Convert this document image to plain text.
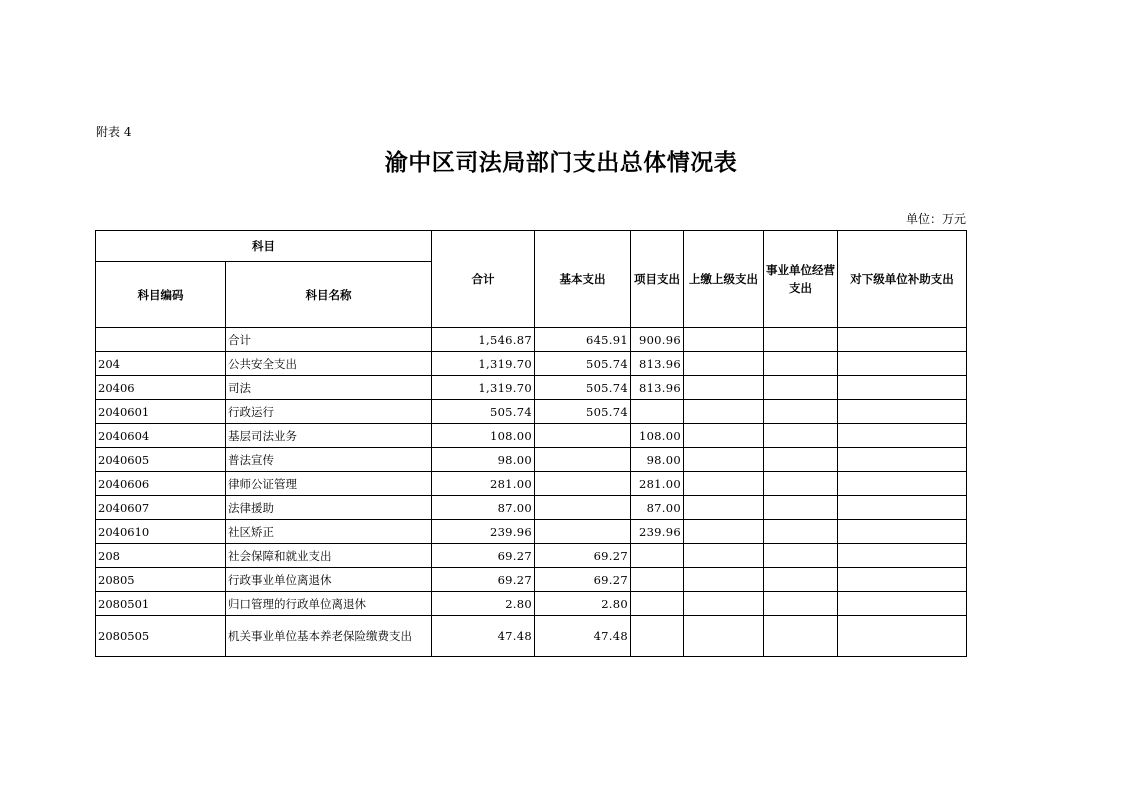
附表 4
渝中区司法局部门支出总体情况表
单位：万元
科目		合计	基本支出	项目支出	上缴上级支出	事业单位经营支出	对下级单位补助支出
科目编码	科目名称						
	合计	1,546.87	645.91	900.96			
204	公共安全支出	1,319.70	505.74	813.96			
20406	司法	1,319.70	505.74	813.96			
2040601	行政运行	505.74	505.74				
2040604	基层司法业务	108.00		108.00			
2040605	普法宣传	98.00		98.00			
2040606	律师公证管理	281.00		281.00			
2040607	法律援助	87.00		87.00			
2040610	社区矫正	239.96		239.96			
208	社会保障和就业支出	69.27	69.27				
20805	行政事业单位离退休	69.27	69.27				
2080501	归口管理的行政单位离退休	2.80	2.80				
2080505	机关事业单位基本养老保险缴费支出	47.48	47.48				
